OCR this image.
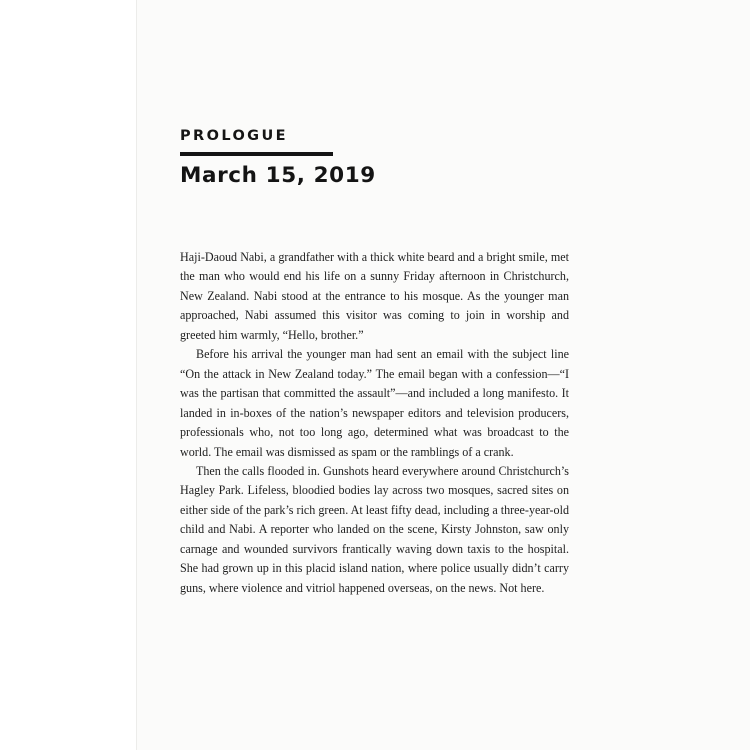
PROLOGUE
March 15, 2019

Haji-Daoud Nabi, a grandfather with a thick white beard and a bright smile, met the man who would end his life on a sunny Friday afternoon in Christchurch, New Zealand. Nabi stood at the entrance to his mosque. As the younger man approached, Nabi assumed this visitor was coming to join in worship and greeted him warmly, “Hello, brother.”

Before his arrival the younger man had sent an email with the subject line “On the attack in New Zealand today.” The email began with a confession—“I was the partisan that committed the assault”—and included a long manifesto. It landed in in-boxes of the nation’s newspaper editors and television producers, professionals who, not too long ago, determined what was broadcast to the world. The email was dismissed as spam or the ramblings of a crank.

Then the calls flooded in. Gunshots heard everywhere around Christchurch’s Hagley Park. Lifeless, bloodied bodies lay across two mosques, sacred sites on either side of the park’s rich green. At least fifty dead, including a three-year-old child and Nabi. A reporter who landed on the scene, Kirsty Johnston, saw only carnage and wounded survivors frantically waving down taxis to the hospital. She had grown up in this placid island nation, where police usually didn’t carry guns, where violence and vitriol happened overseas, on the news. Not here.
